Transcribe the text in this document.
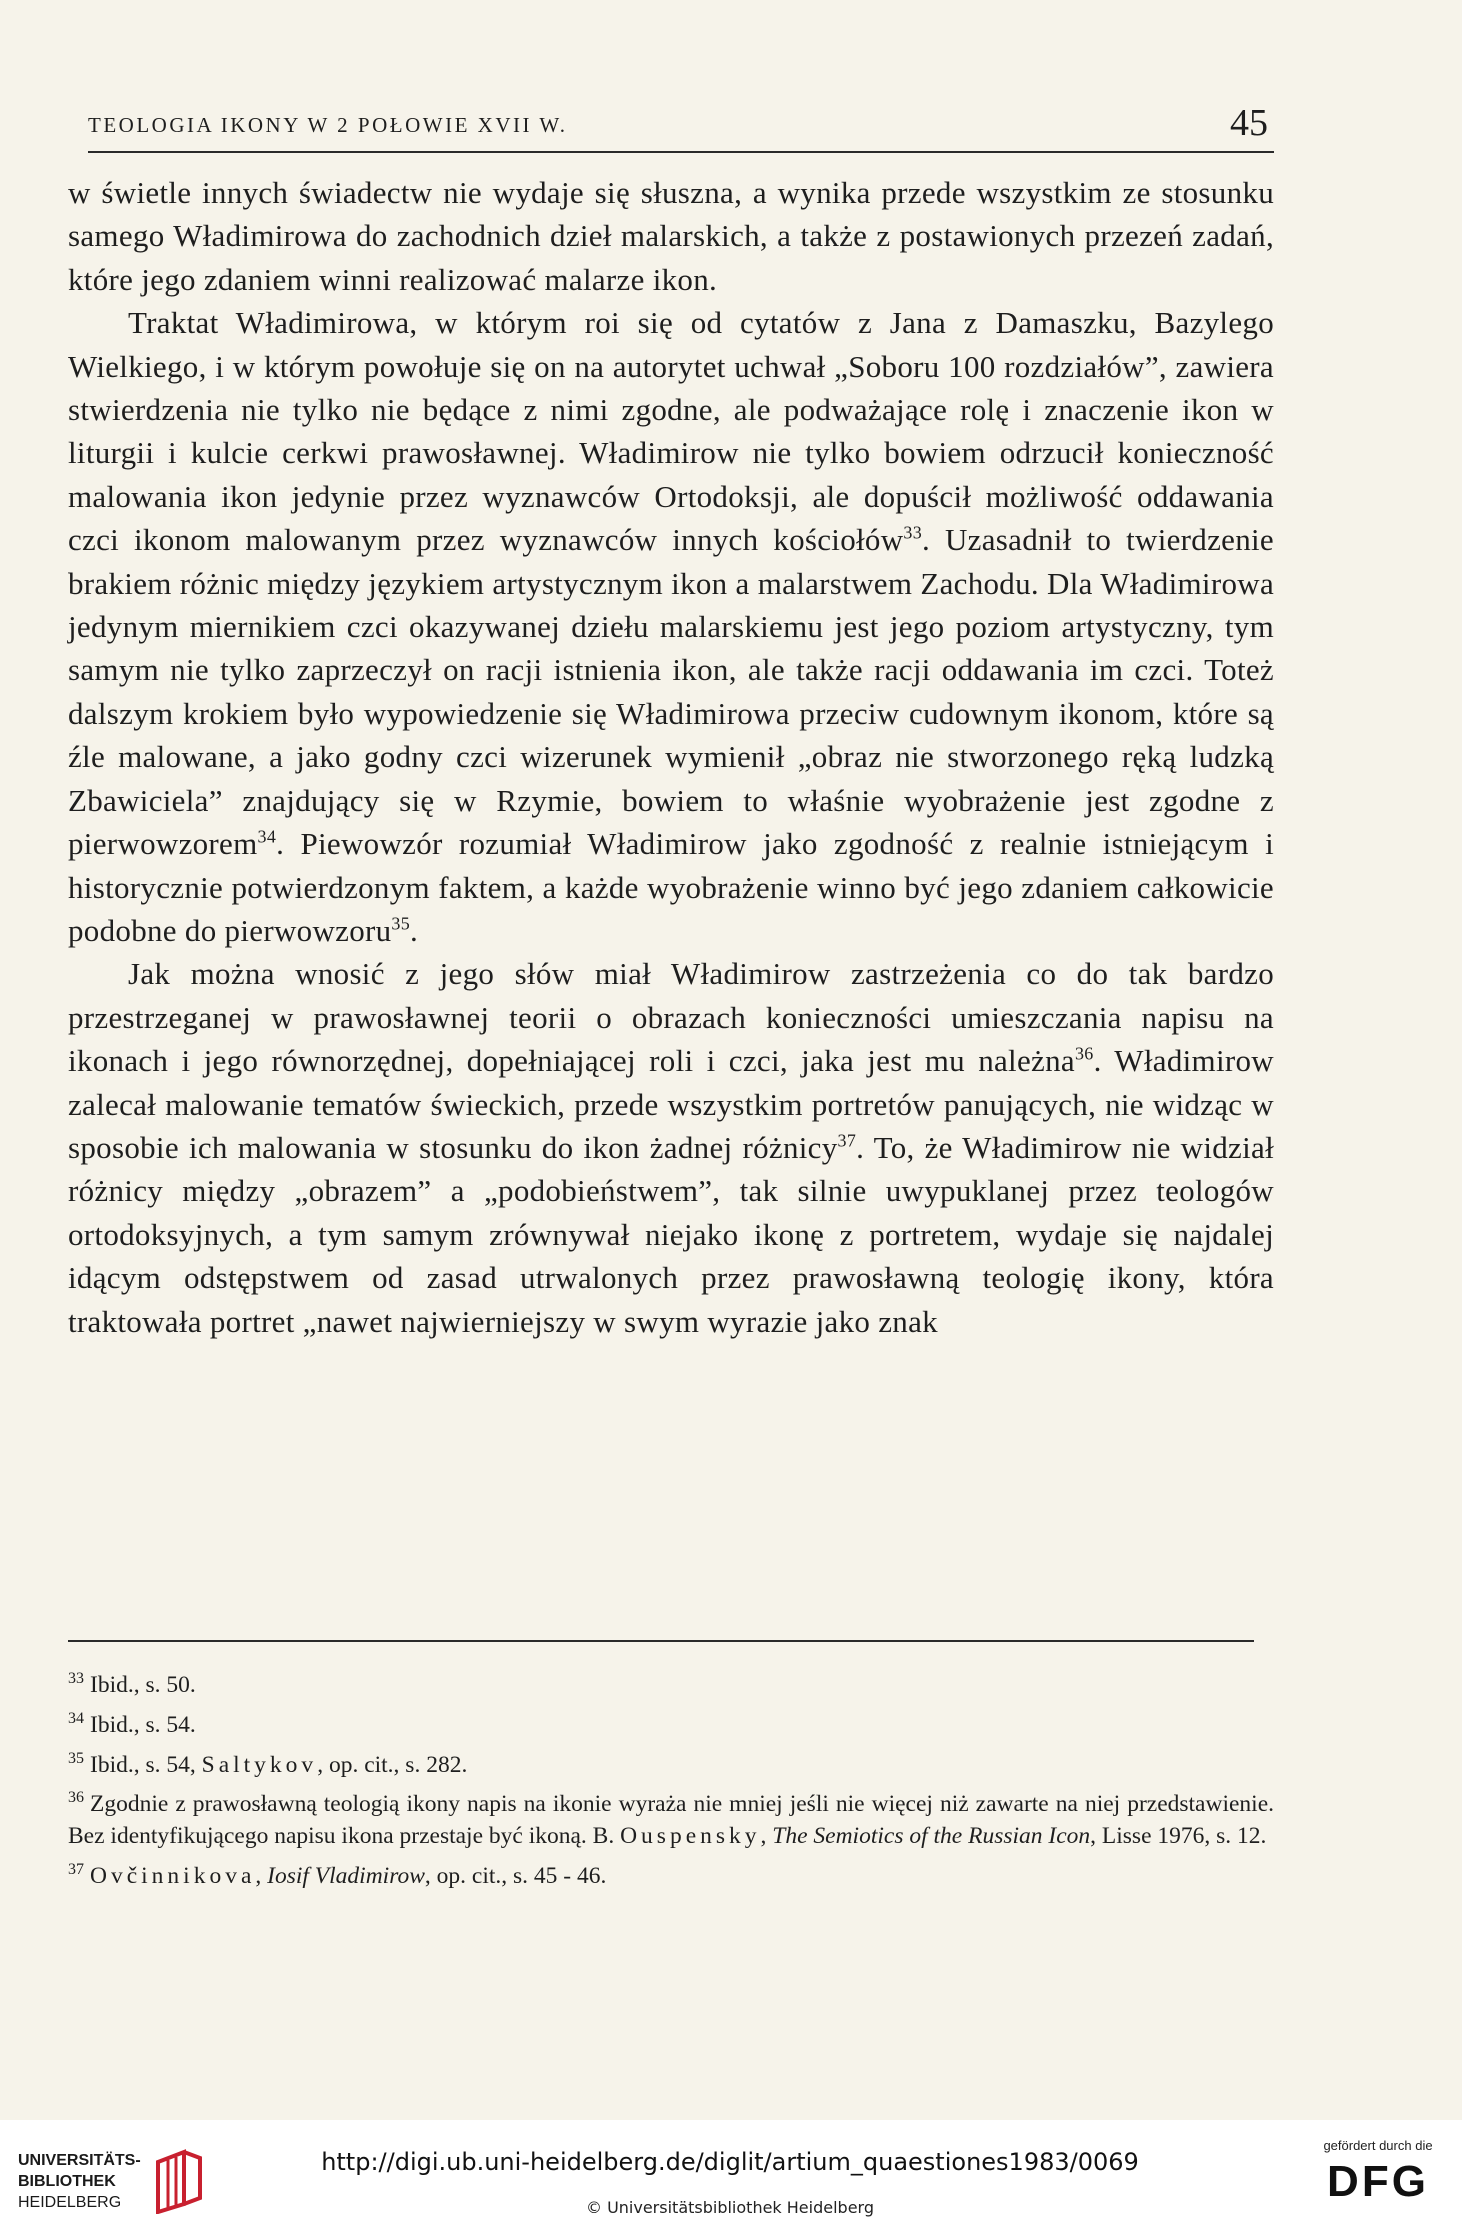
TEOLOGIA IKONY W 2 POŁOWIE XVII W.	45

w świetle innych świadectw nie wydaje się słuszna, a wynika przede wszystkim ze stosunku samego Władimirowa do zachodnich dzieł malarskich, a także z postawionych przezeń zadań, które jego zdaniem winni realizować malarze ikon.

Traktat Władimirowa, w którym roi się od cytatów z Jana z Damaszku, Bazylego Wielkiego, i w którym powołuje się on na autorytet uchwał „Soboru 100 rozdziałów”, zawiera stwierdzenia nie tylko nie będące z nimi zgodne, ale podważające rolę i znaczenie ikon w liturgii i kulcie cerkwi prawosławnej. Władimirow nie tylko bowiem odrzucił konieczność malowania ikon jedynie przez wyznawców Ortodoksji, ale dopuścił możliwość oddawania czci ikonom malowanym przez wyznawców innych kościołów$^{33}$. Uzasadnił to twierdzenie brakiem różnic między językiem artystycznym ikon a malarstwem Zachodu. Dla Władimirowa jedynym miernikiem czci okazywanej dziełu malarskiemu jest jego poziom artystyczny, tym samym nie tylko zaprzeczył on racji istnienia ikon, ale także racji oddawania im czci. Toteż dalszym krokiem było wypowiedzenie się Władimirowa przeciw cudownym ikonom, które są źle malowane, a jako godny czci wizerunek wymienił „obraz nie stworzonego ręką ludzką Zbawiciela” znajdujący się w Rzymie, bowiem to właśnie wyobrażenie jest zgodne z pierwowzorem$^{34}$. Piewowzór rozumiał Władimirow jako zgodność z realnie istniejącym i historycznie potwierdzonym faktem, a każde wyobrażenie winno być jego zdaniem całkowicie podobne do pierwowzoru$^{35}$.

Jak można wnosić z jego słów miał Władimirow zastrzeżenia co do tak bardzo przestrzeganej w prawosławnej teorii o obrazach konieczności umieszczania napisu na ikonach i jego równorzędnej, dopełniającej roli i czci, jaka jest mu należna$^{36}$. Władimirow zalecał malowanie tematów świeckich, przede wszystkim portretów panujących, nie widząc w sposobie ich malowania w stosunku do ikon żadnej różnicy$^{37}$. To, że Władimirow nie widział różnicy między „obrazem” a „podobieństwem”, tak silnie uwypuklanej przez teologów ortodoksyjnych, a tym samym zrównywał niejako ikonę z portretem, wydaje się najdalej idącym odstępstwem od zasad utrwalonych przez prawosławną teologię ikony, która traktowała portret „nawet najwierniejszy w swym wyrazie jako znak

$^{33}$ Ibid., s. 50.

$^{34}$ Ibid., s. 54.

$^{35}$ Ibid., s. 54, Saltykov, op. cit., s. 282.

$^{36}$ Zgodnie z prawosławną teologią ikony napis na ikonie wyraża nie mniej jeśli nie więcej niż zawarte na niej przedstawienie. Bez identyfikującego napisu ikona przestaje być ikoną. B. Ouspensky, The Semiotics of the Russian Icon, Lisse 1976, s. 12.

$^{37}$ Ovčinnikova, Iosif Vladimirow, op. cit., s. 45 - 46.

UNIVERSITÄTS-
BIBLIOTHEK
HEIDELBERG
http://digi.ub.uni-heidelberg.de/diglit/artium_quaestiones1983/0069
© Universitätsbibliothek Heidelberg
gefördert durch die
DFG
